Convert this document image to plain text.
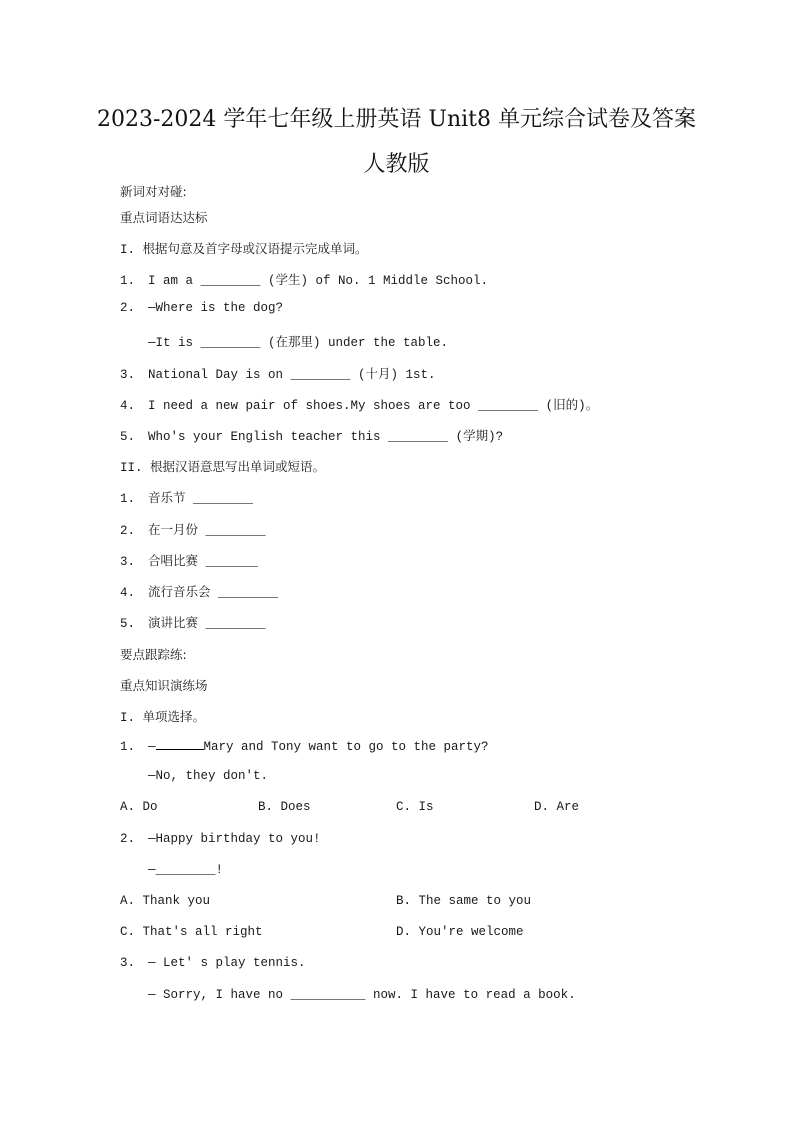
2023-2024 学年七年级上册英语 Unit8 单元综合试卷及答案
人教版
新词对对碰:
重点词语达达标
I. 根据句意及首字母或汉语提示完成单词。
1. I am a ________ (学生) of No. 1 Middle School.
2. —Where is the dog?
—It is ________ (在那里) under the table.
3. National Day is on ________ (十月) 1st.
4. I need a new pair of shoes.My shoes are too ________ (旧的)。
5. Who's your English teacher this ________ (学期)?
II. 根据汉语意思写出单词或短语。
1. 音乐节 ________
2. 在一月份 ________
3. 合唱比赛 _______
4. 流行音乐会 ________
5. 演讲比赛 ________
要点跟踪练:
重点知识演练场
I. 单项选择。
1. —	Mary and Tony want to go to the party?
—No, they don't.
A. Do	B. Does	C. Is	D. Are
2. —Happy birthday to you!
—________!
A. Thank you	B. The same to you
C. That's all right	D. You're welcome
3. — Let' s play tennis.
— Sorry, I have no __________ now. I have to read a book.
